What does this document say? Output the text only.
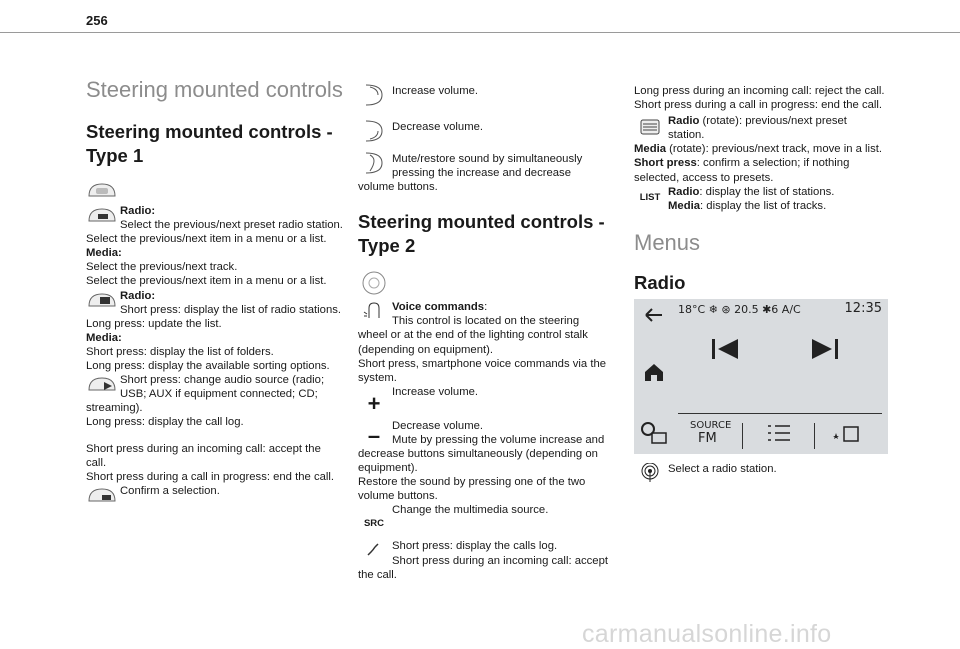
256
Steering mounted controls
Steering mounted controls - Type 1

Radio:

Select the previous/next preset radio station.

Select the previous/next item in a menu or a list.

Media:

Select the previous/next track.

Select the previous/next item in a menu or a list.

Radio:

Short press: display the list of radio stations.

Long press: update the list.

Media:

Short press: display the list of folders.

Long press: display the available sorting options.

Short press: change audio source (radio; USB; AUX if equipment connected; CD; streaming).

Long press: display the call log.

Short press during an incoming call: accept the call.

Short press during a call in progress: end the call.

Confirm a selection.

Increase volume.

Decrease volume.

Mute/restore sound by simultaneously pressing the increase and decrease volume buttons.

Steering mounted controls - Type 2

Voice commands:

This control is located on the steering wheel or at the end of the lighting control stalk (depending on equipment).

Short press, smartphone voice commands via the system.

+	Increase volume.

–	Decrease volume.

Mute by pressing the volume increase and decrease buttons simultaneously (depending on equipment).

Restore the sound by pressing one of the two volume buttons.

SRC

Change the multimedia source.

Short press: display the calls log.

Short press during an incoming call: accept the call.

Long press during an incoming call: reject the call.

Short press during a call in progress: end the call.

Radio (rotate): previous/next preset station.

Media (rotate): previous/next track, move in a list.

Short press: confirm a selection; if nothing selected, access to presets.

LIST Radio: display the list of stations.

Media: display the list of tracks.

Menus
Radio
18°C ❄ ⊛ 20.5 ✱6 A/C	12:35
SOURCE
FM

Select a radio station.

carmanualsonline.info
